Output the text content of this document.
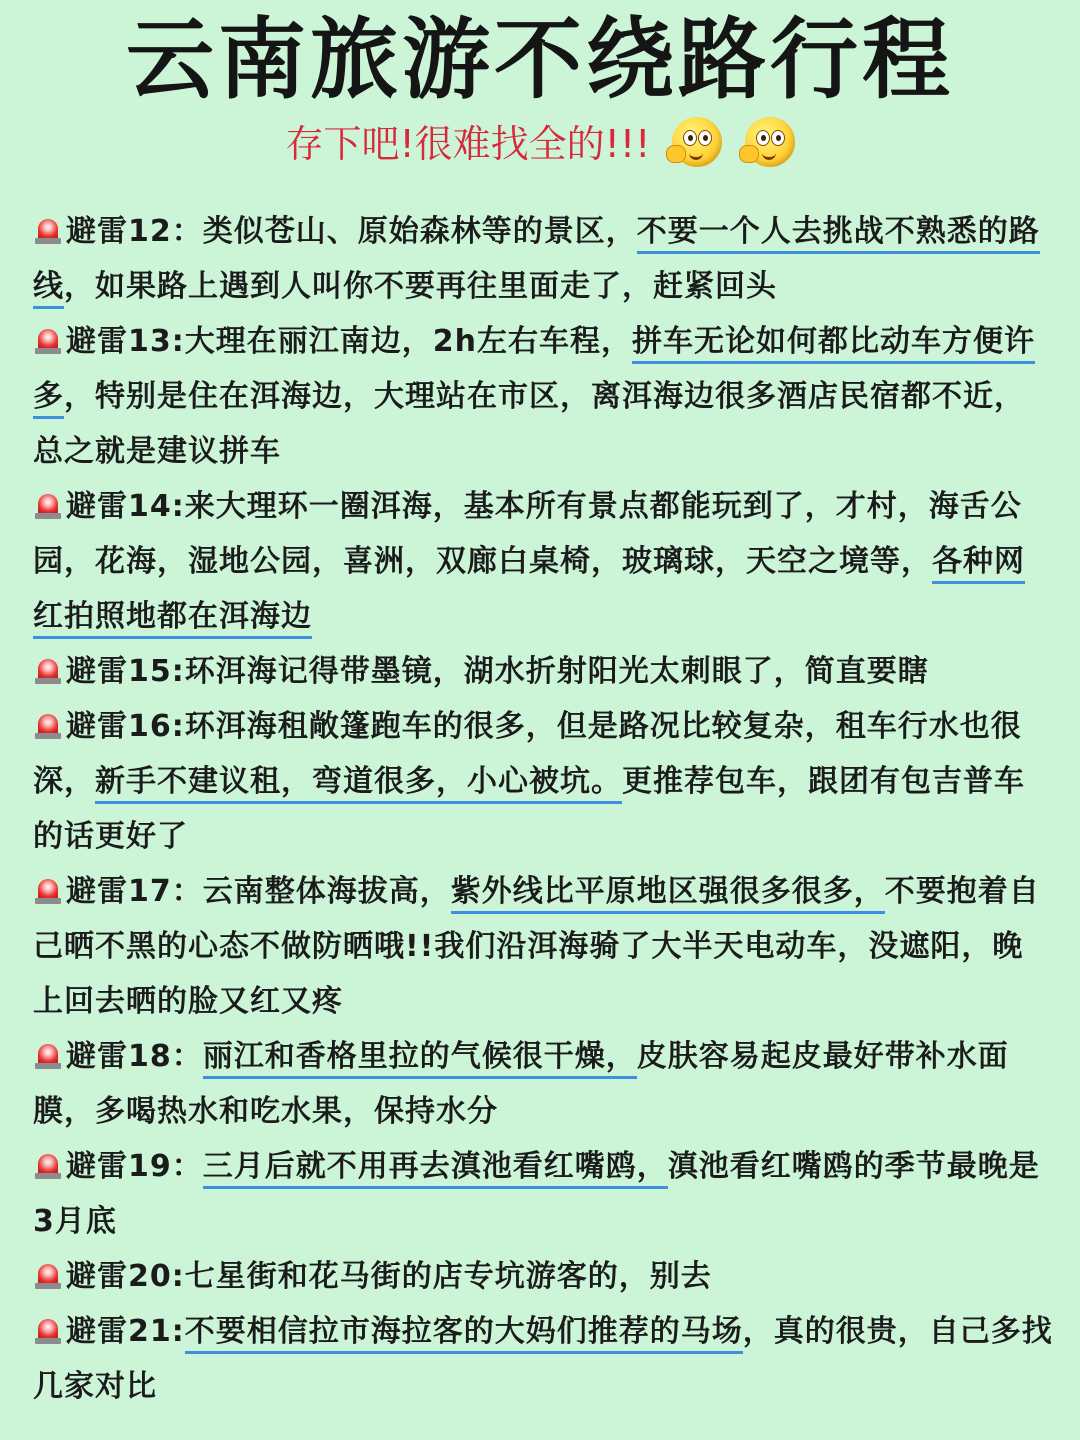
云南旅游不绕路行程
存下吧!很难找全的!!!

避雷12：类似苍山、原始森林等的景区，不要一个人去挑战不熟悉的路线，如果路上遇到人叫你不要再往里面走了，赶紧回头

避雷13:大理在丽江南边，2h左右车程，拼车无论如何都比动车方便许多，特别是住在洱海边，大理站在市区，离洱海边很多酒店民宿都不近，总之就是建议拼车

避雷14:来大理环一圈洱海，基本所有景点都能玩到了，才村，海舌公园，花海，湿地公园，喜洲，双廊白桌椅，玻璃球，天空之境等，各种网红拍照地都在洱海边

避雷15:环洱海记得带墨镜，湖水折射阳光太刺眼了，简直要瞎

避雷16:环洱海租敞篷跑车的很多，但是路况比较复杂，租车行水也很深，新手不建议租，弯道很多，小心被坑。更推荐包车，跟团有包吉普车的话更好了

避雷17：云南整体海拔高，紫外线比平原地区强很多很多，不要抱着自己晒不黑的心态不做防晒哦!!我们沿洱海骑了大半天电动车，没遮阳，晚上回去晒的脸又红又疼

避雷18：丽江和香格里拉的气候很干燥，皮肤容易起皮最好带补水面膜，多喝热水和吃水果，保持水分

避雷19：三月后就不用再去滇池看红嘴鸥，滇池看红嘴鸥的季节最晚是3月底

避雷20:七星街和花马街的店专坑游客的，别去

避雷21:不要相信拉市海拉客的大妈们推荐的马场，真的很贵，自己多找几家对比
